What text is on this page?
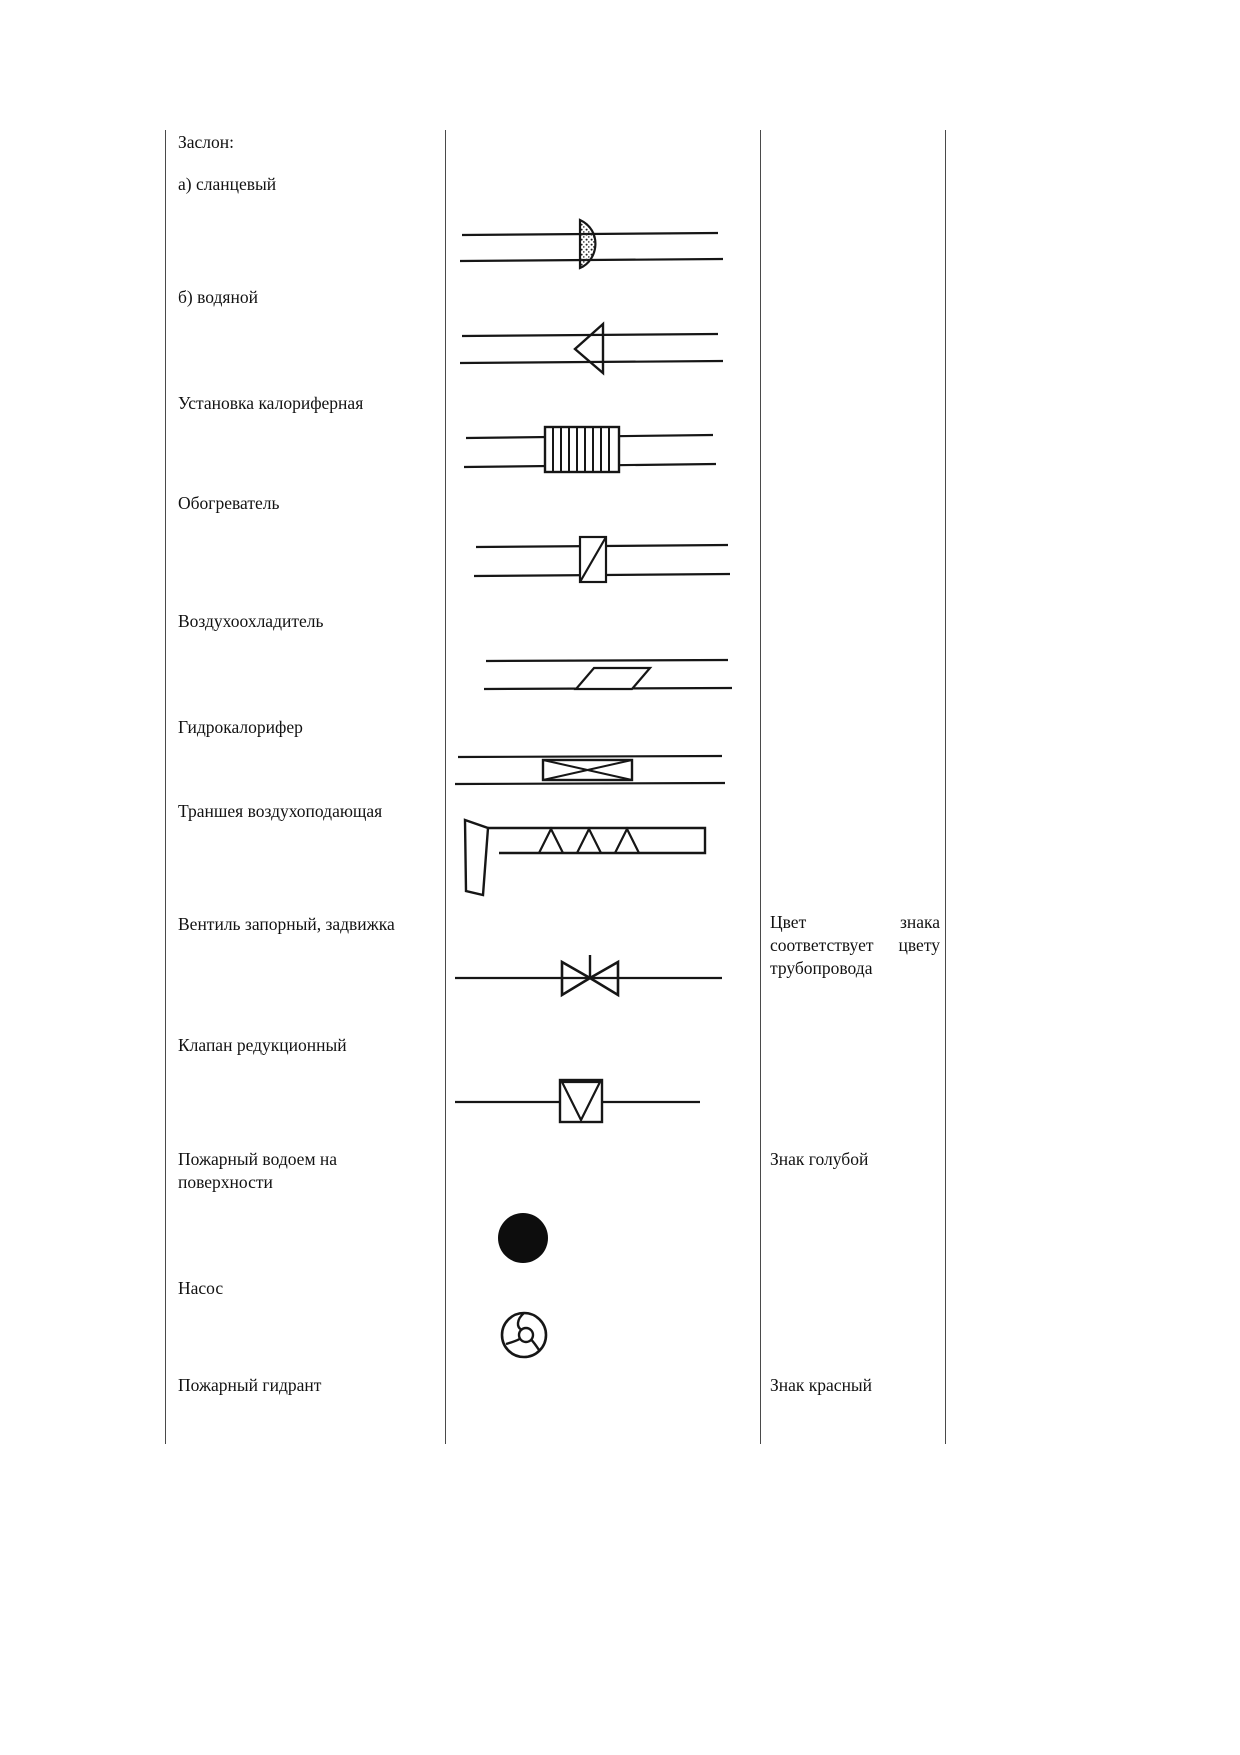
Заслон:
а) сланцевый
б) водяной
Установка калориферная
Обогреватель
Воздухоохладитель
Гидрокалорифер
Траншея воздухоподающая
Вентиль запорный, задвижка
Клапан редукционный
Пожарный водоем на поверхности
Насос
Пожарный гидрант
Цвет знака соответствует цвету трубопровода
Знак голубой
Знак красный
